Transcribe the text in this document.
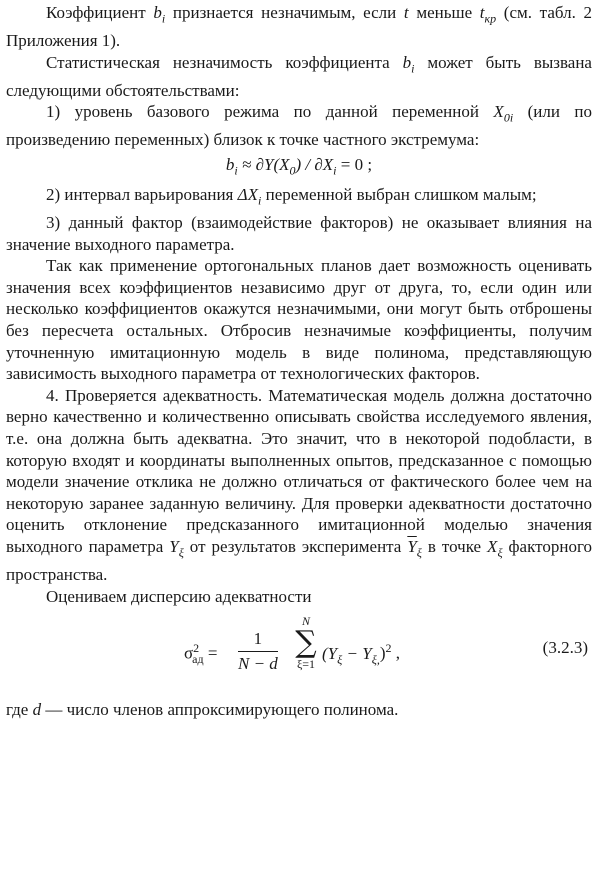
Коэффициент $b_i$ признается незначимым, если t меньше $t_{кр}$ (см. табл. 2 Приложения 1).

Статистическая незначимость коэффициента $b_i$ может быть вызвана следующими обстоятельствами:

1) уровень базового режима по данной переменной $X_{0i}$ (или по произведению переменных) близок к точке частного экстремума:

$b_i \approx \partial Y(X_0) / \partial X_i = 0$ ;

2) интервал варьирования $\Delta X_i$ переменной выбран слишком малым;

3) данный фактор (взаимодействие факторов) не оказывает влияния на значение выходного параметра.

Так как применение ортогональных планов дает возможность оценивать значения всех коэффициентов независимо друг от друга, то, если один или несколько коэффициентов окажутся незначимыми, они могут быть отброшены без пересчета остальных. Отбросив незначимые коэффициенты, получим уточненную имитационную модель в виде полинома, представляющую зависимость выходного параметра от технологических факторов.

4. Проверяется адекватность. Математическая модель должна достаточно верно качественно и количественно описывать свойства исследуемого явления, т.е. она должна быть адекватна. Это значит, что в некоторой подобласти, в которую входят и координаты выполненных опытов, предсказанное с помощью модели значение отклика не должно отличаться от фактического более чем на некоторую заранее заданную величину. Для проверки адекватности достаточно оценить отклонение предсказанного имитационной моделью значения выходного параметра $Y_\xi$ от результатов эксперимента $\overline{Y}_\xi$ в точке $X_\xi$ факторного пространства.

Оцениваем дисперсию адекватности

$\sigma^2_{ад} = \frac{1}{N - d}$
N
∑
ξ=1
$(Y_\xi - Y_{\xi,})^2$ ,	(3.2.3)

где d — число членов аппроксимирующего полинома.
